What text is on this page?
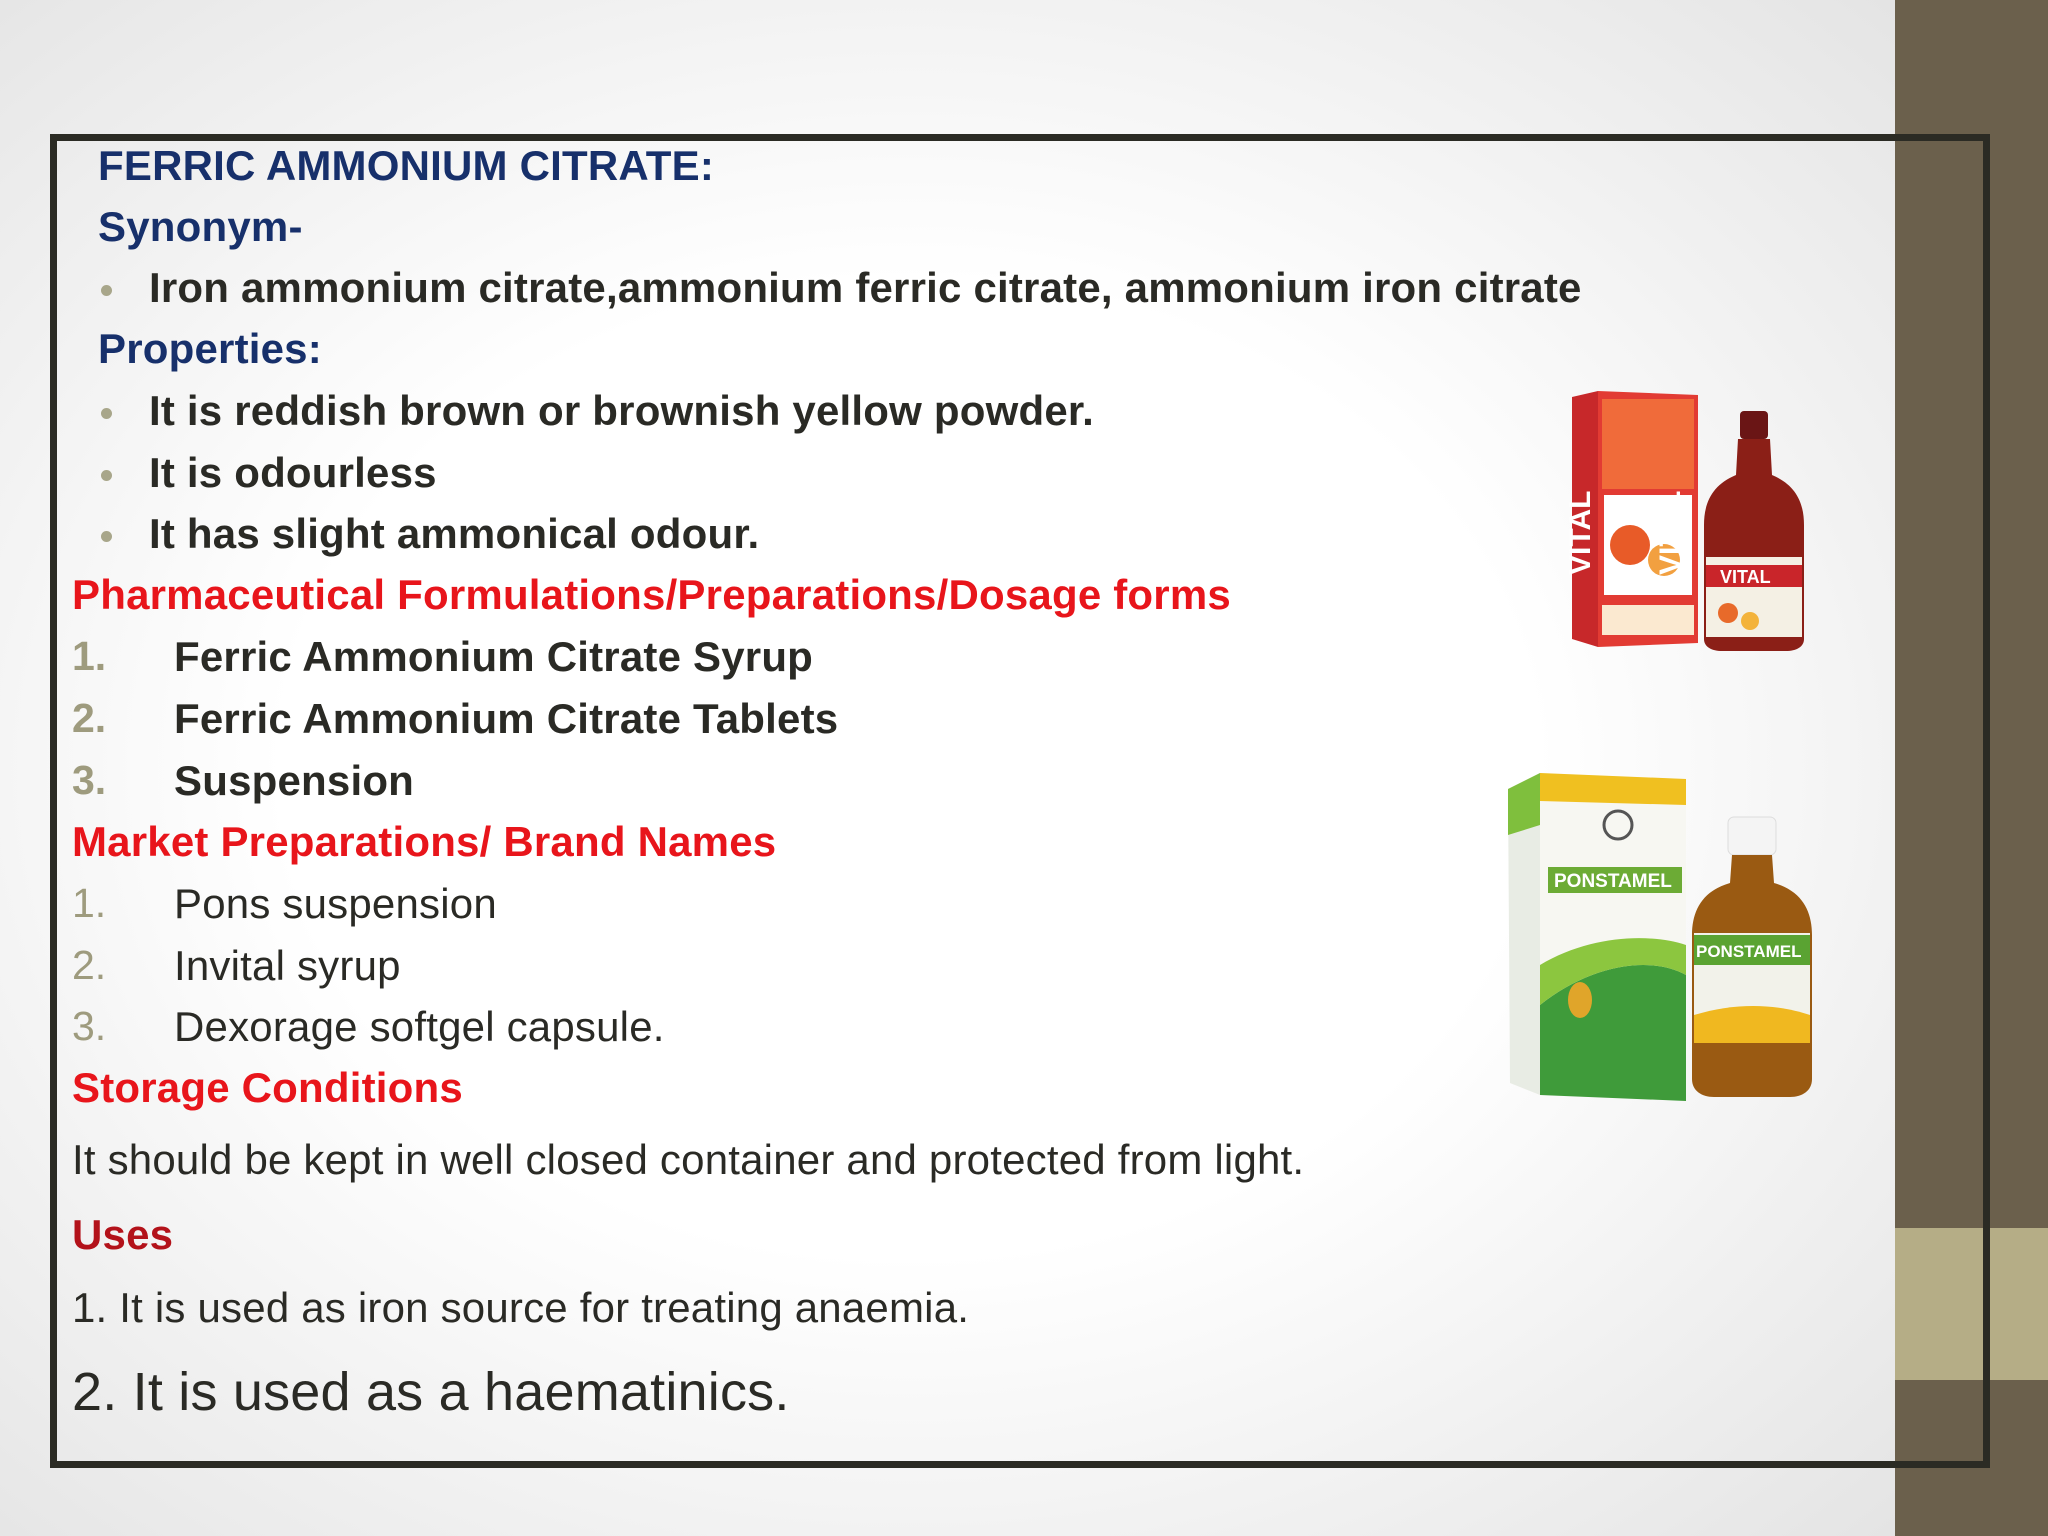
FERRIC AMMONIUM CITRATE:
Synonym-
Iron ammonium citrate,ammonium ferric citrate, ammonium iron citrate
Properties:
It is reddish brown or brownish yellow powder.
It is odourless
It has slight ammonical odour.
Pharmaceutical Formulations/Preparations/Dosage forms
1. Ferric Ammonium Citrate Syrup
2. Ferric Ammonium Citrate Tablets
3. Suspension
Market Preparations/ Brand Names
1. Pons suspension
2. Invital syrup
3. Dexorage softgel capsule.
Storage Conditions
It should be kept in well closed container and protected from light.
Uses
1. It is used as iron source for treating anaemia.
2. It is used as a haematinics.
VITAL VITAL
VITAL
PONSTAMEL
PONSTAMEL
